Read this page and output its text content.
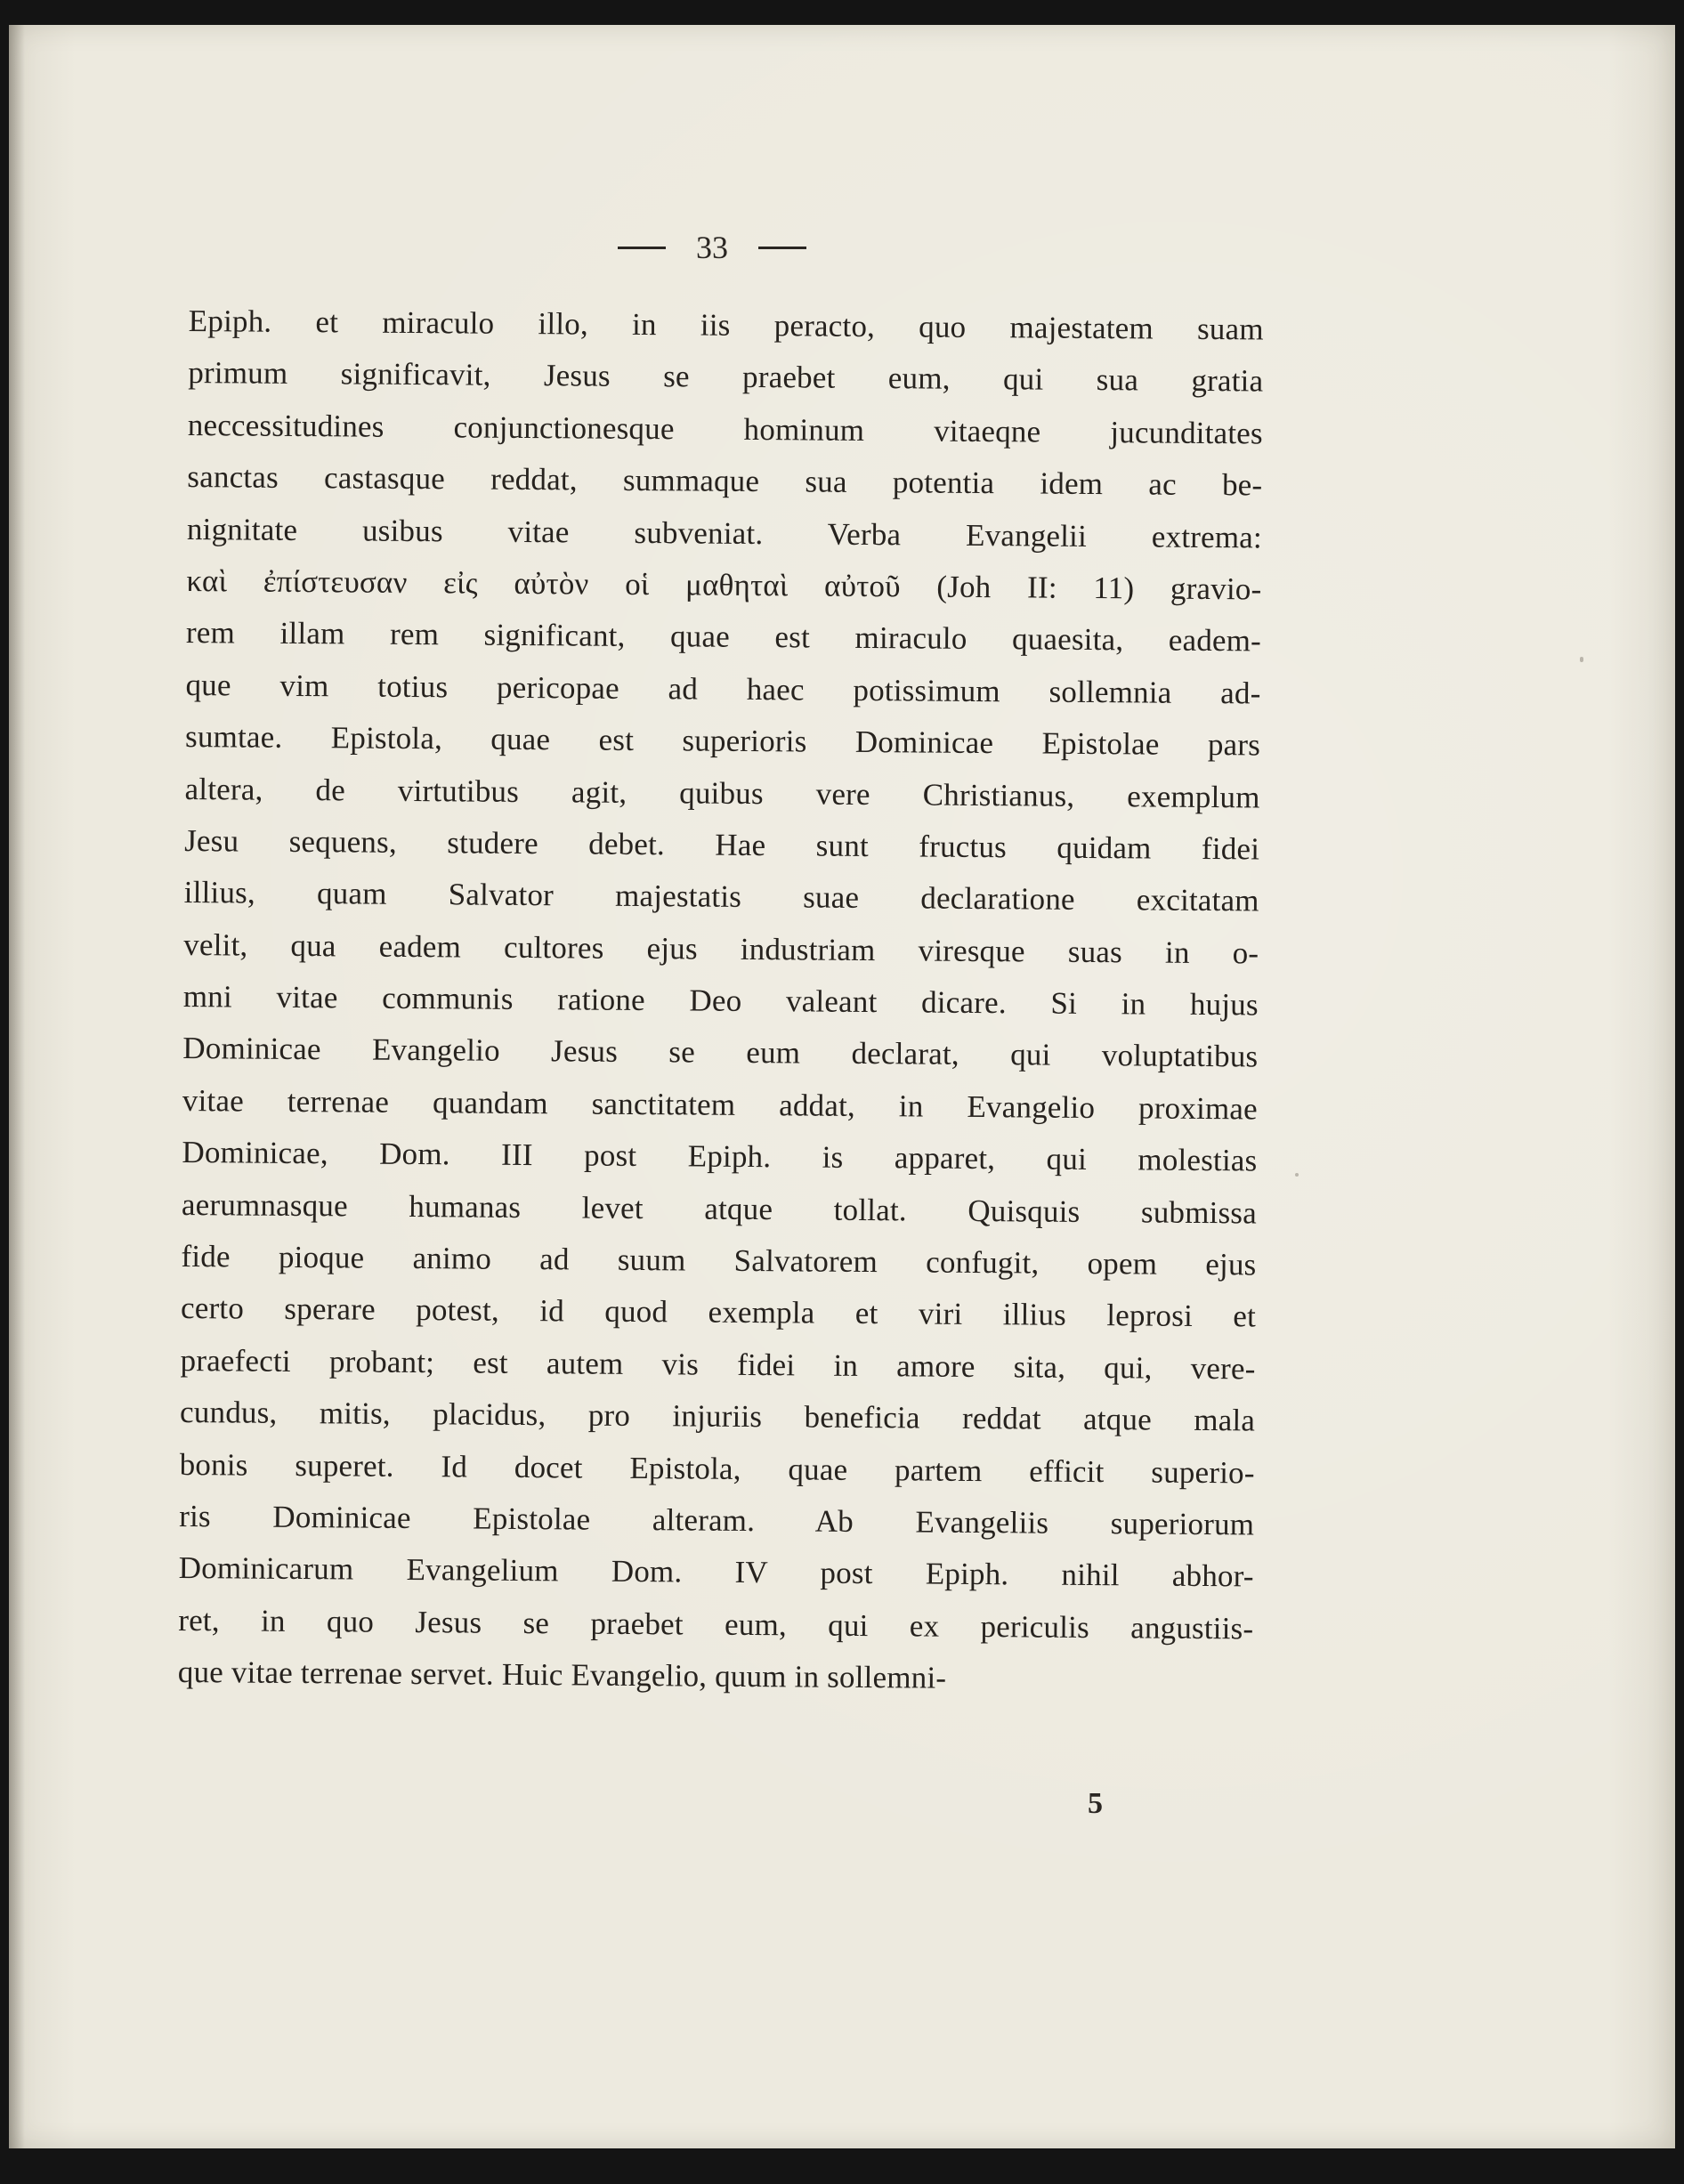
33
Epiph. et miraculo illo, in iis peracto, quo majestatem suam
primum significavit, Jesus se praebet eum, qui sua gratia
neccessitudines conjunctionesque hominum vitaeqne jucunditates
sanctas castasque reddat, summaque sua potentia idem ac be-
nignitate usibus vitae subveniat. Verba Evangelii extrema:
καὶ ἐπίστευσαν εἰς αὐτὸν οἱ μαθηταὶ αὐτοῦ (Joh II: 11) gravio-
rem illam rem significant, quae est miraculo quaesita, eadem-
que vim totius pericopae ad haec potissimum sollemnia ad-
sumtae. Epistola, quae est superioris Dominicae Epistolae pars
altera, de virtutibus agit, quibus vere Christianus, exemplum
Jesu sequens, studere debet. Hae sunt fructus quidam fidei
illius, quam Salvator majestatis suae declaratione excitatam
velit, qua eadem cultores ejus industriam viresque suas in o-
mni vitae communis ratione Deo valeant dicare. Si in hujus
Dominicae Evangelio Jesus se eum declarat, qui voluptatibus
vitae terrenae quandam sanctitatem addat, in Evangelio proximae
Dominicae, Dom. III post Epiph. is apparet, qui molestias
aerumnasque humanas levet atque tollat. Quisquis submissa
fide pioque animo ad suum Salvatorem confugit, opem ejus
certo sperare potest, id quod exempla et viri illius leprosi et
praefecti probant; est autem vis fidei in amore sita, qui, vere-
cundus, mitis, placidus, pro injuriis beneficia reddat atque mala
bonis superet. Id docet Epistola, quae partem efficit superio-
ris Dominicae Epistolae alteram. Ab Evangeliis superiorum
Dominicarum Evangelium Dom. IV post Epiph. nihil abhor-
ret, in quo Jesus se praebet eum, qui ex periculis angustiis-
que vitae terrenae servet. Huic Evangelio, quum in sollemni-
5
